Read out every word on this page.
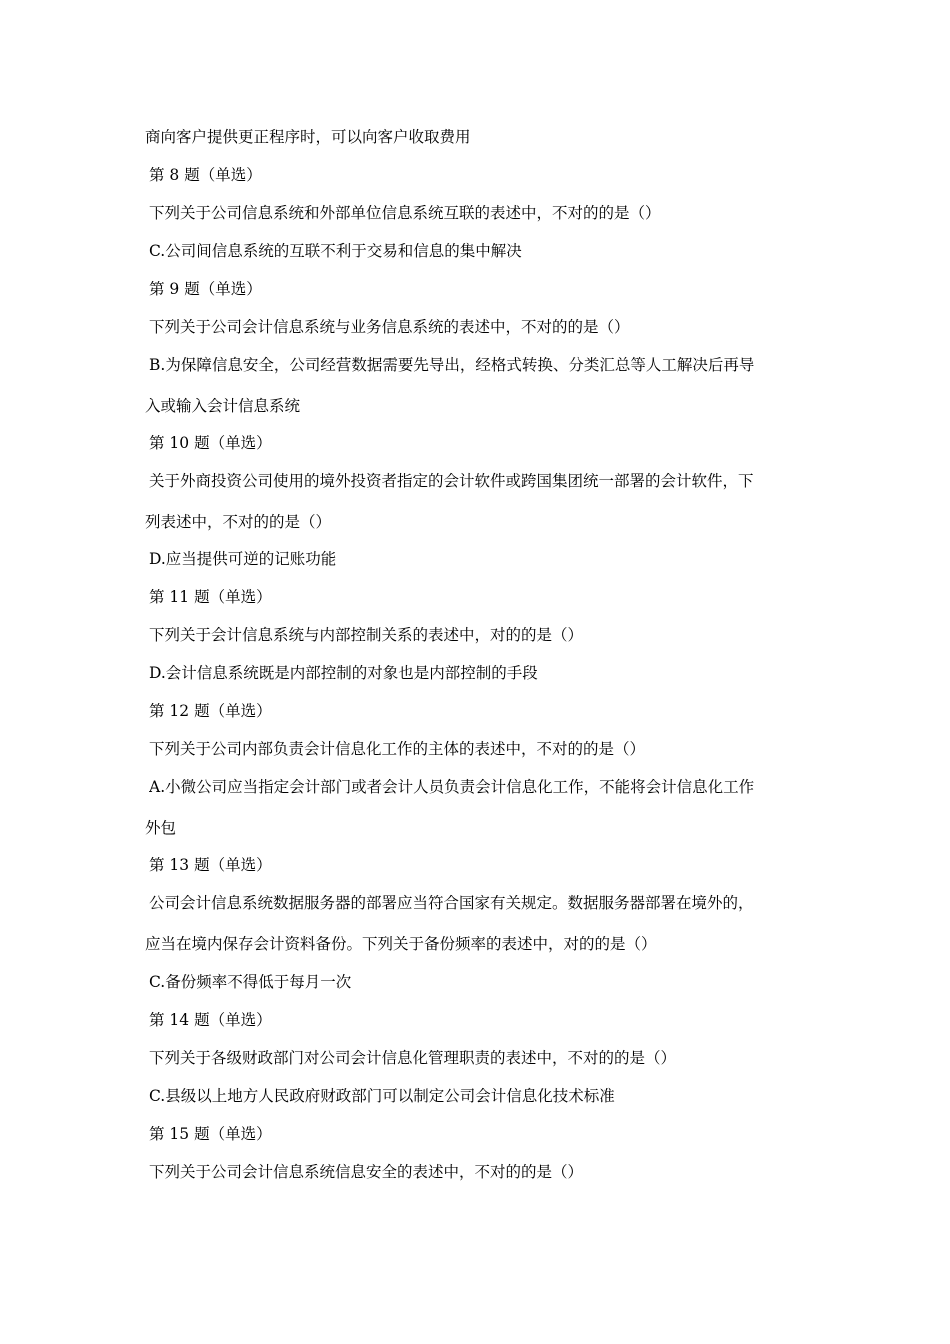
商向客户提供更正程序时，可以向客户收取费用
第 8 题（单选）
下列关于公司信息系统和外部单位信息系统互联的表述中，不对的的是（）
C.公司间信息系统的互联不利于交易和信息的集中解决
第 9 题（单选）
下列关于公司会计信息系统与业务信息系统的表述中，不对的的是（）
B.为保障信息安全，公司经营数据需要先导出，经格式转换、分类汇总等人工解决后再导
入或输入会计信息系统
第 10 题（单选）
关于外商投资公司使用的境外投资者指定的会计软件或跨国集团统一部署的会计软件，下
列表述中，不对的的是（）
D.应当提供可逆的记账功能
第 11 题（单选）
下列关于会计信息系统与内部控制关系的表述中，对的的是（）
D.会计信息系统既是内部控制的对象也是内部控制的手段
第 12 题（单选）
下列关于公司内部负责会计信息化工作的主体的表述中，不对的的是（）
A.小微公司应当指定会计部门或者会计人员负责会计信息化工作，不能将会计信息化工作
外包
第 13 题（单选）
公司会计信息系统数据服务器的部署应当符合国家有关规定。数据服务器部署在境外的，
应当在境内保存会计资料备份。下列关于备份频率的表述中，对的的是（）
C.备份频率不得低于每月一次
第 14 题（单选）
下列关于各级财政部门对公司会计信息化管理职责的表述中，不对的的是（）
C.县级以上地方人民政府财政部门可以制定公司会计信息化技术标准
第 15 题（单选）
下列关于公司会计信息系统信息安全的表述中，不对的的是（）
